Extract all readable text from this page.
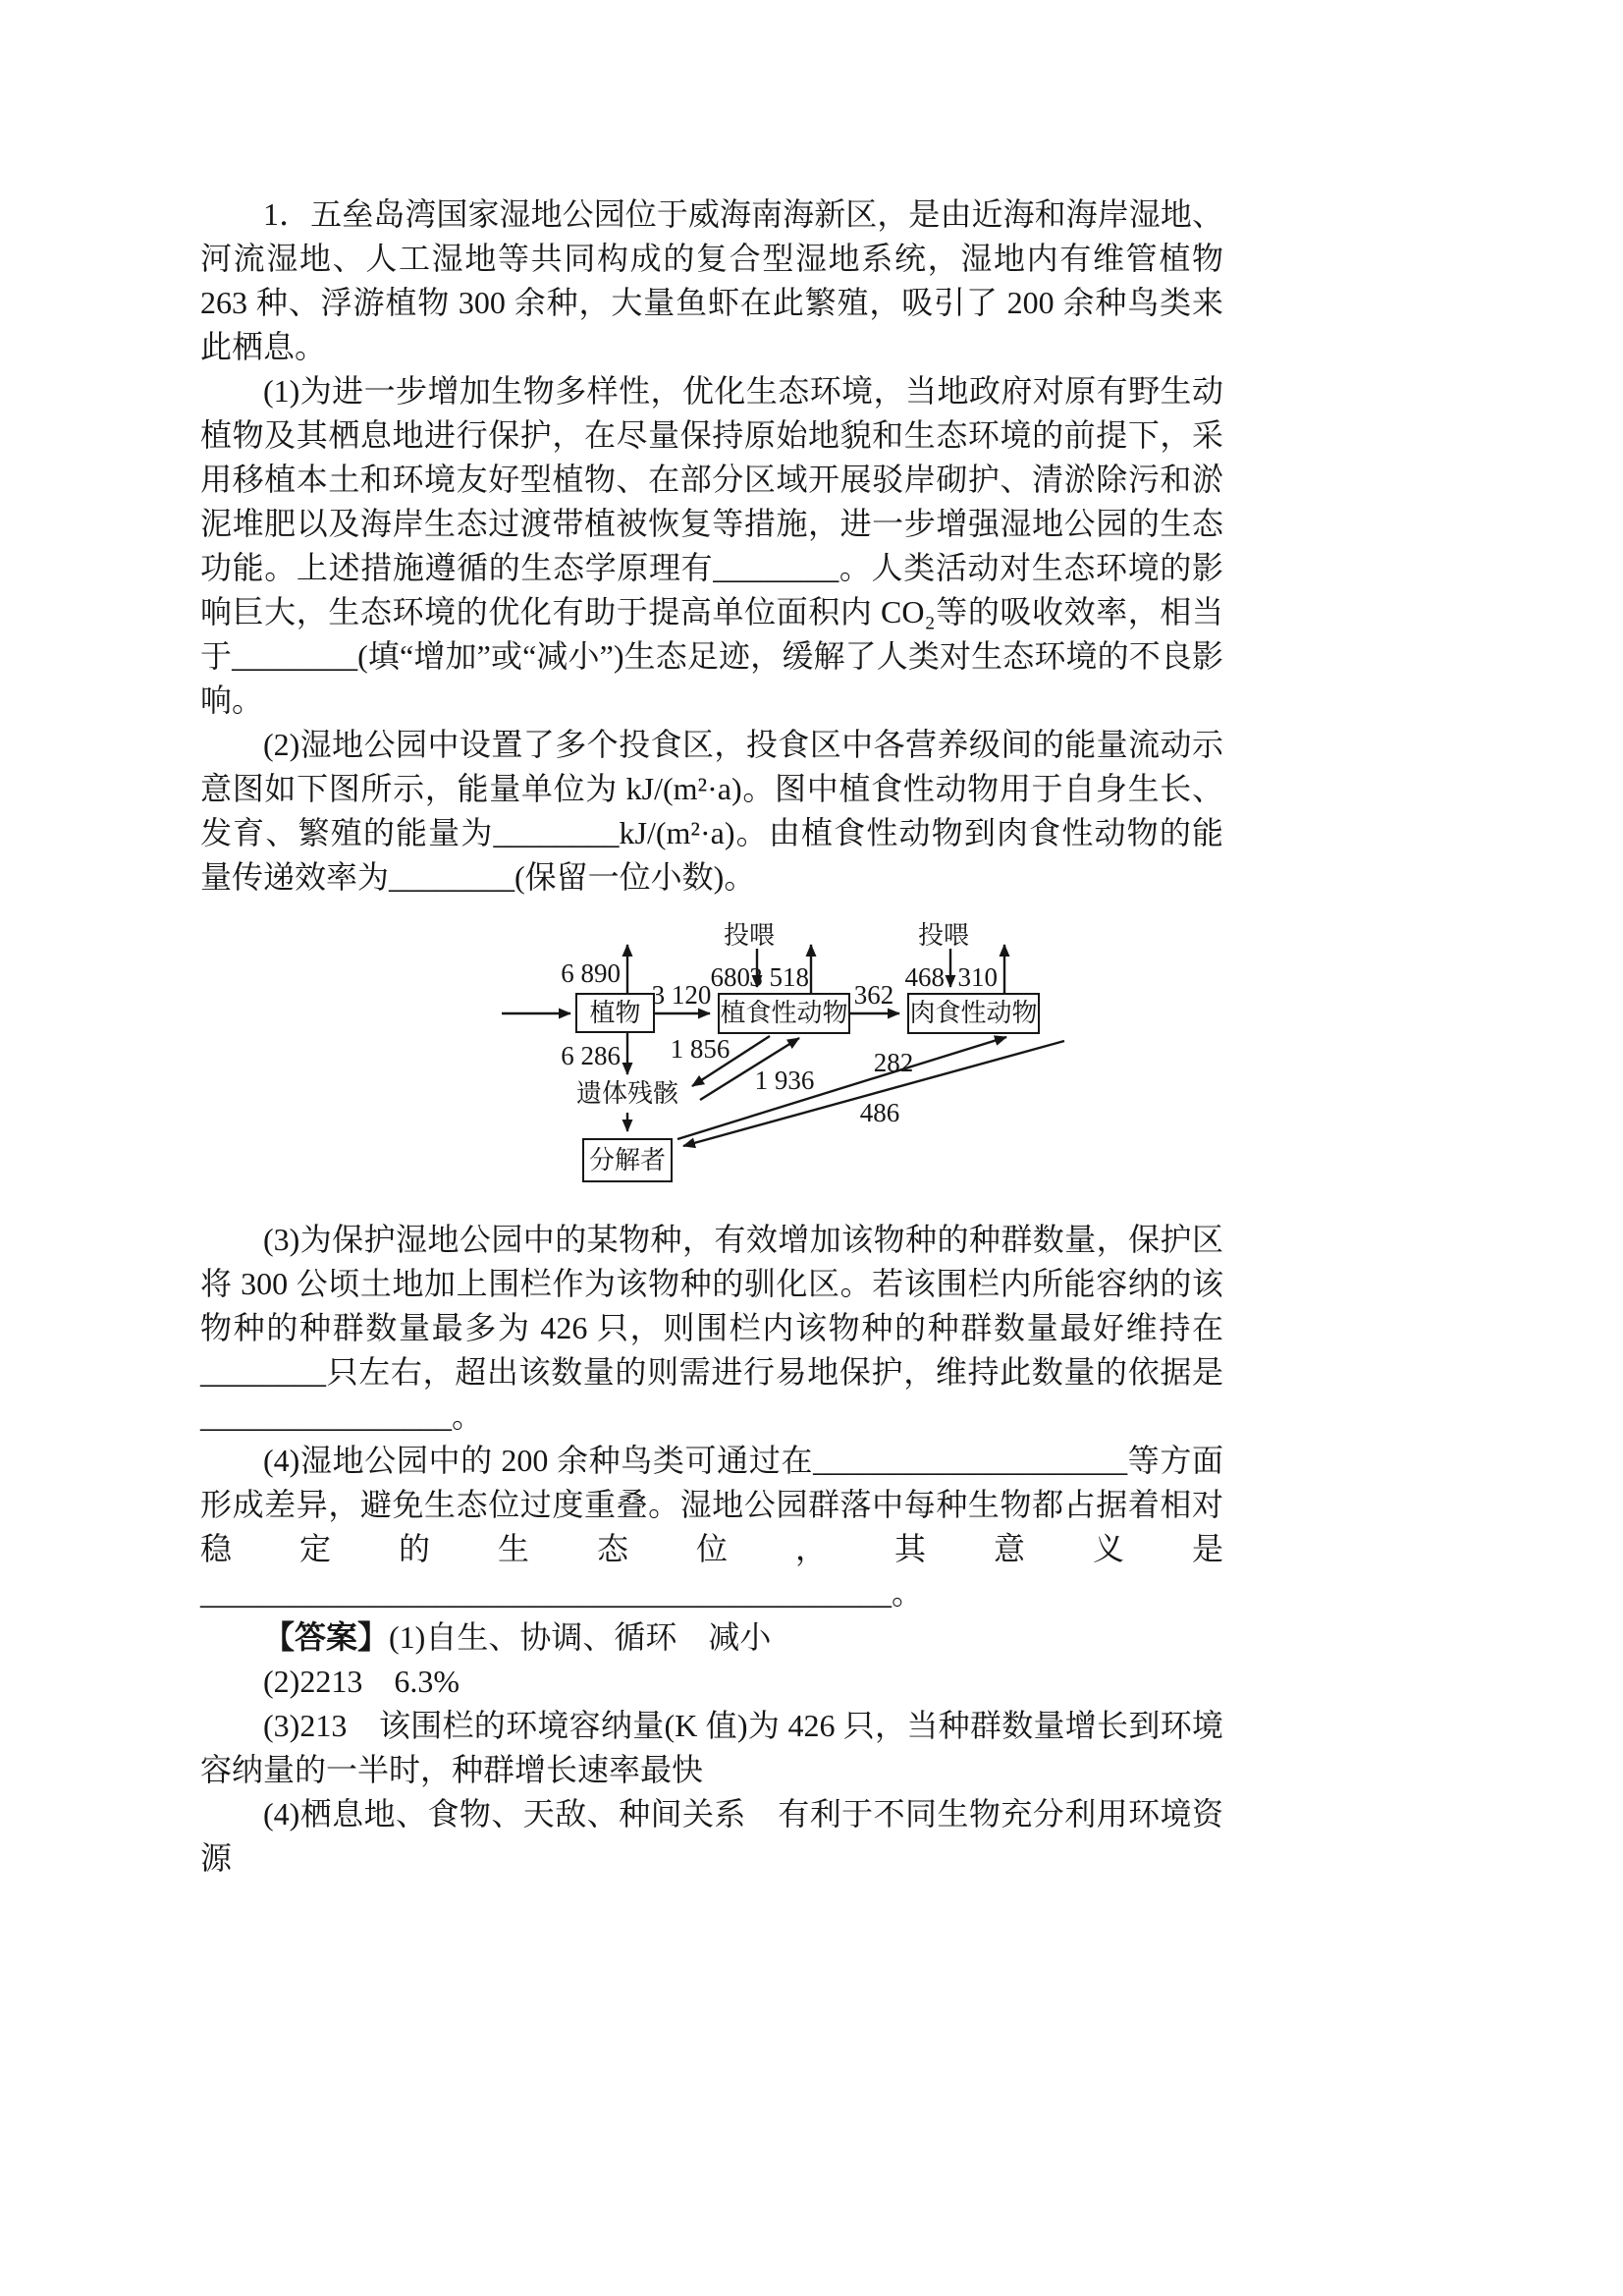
1．五垒岛湾国家湿地公园位于威海南海新区，是由近海和海岸湿地、河流湿地、人工湿地等共同构成的复合型湿地系统，湿地内有维管植物 263 种、浮游植物 300 余种，大量鱼虾在此繁殖，吸引了 200 余种鸟类来此栖息。

(1)为进一步增加生物多样性，优化生态环境，当地政府对原有野生动植物及其栖息地进行保护，在尽量保持原始地貌和生态环境的前提下，采用移植本土和环境友好型植物、在部分区域开展驳岸砌护、清淤除污和淤泥堆肥以及海岸生态过渡带植被恢复等措施，进一步增强湿地公园的生态功能。上述措施遵循的生态学原理有________。人类活动对生态环境的影响巨大，生态环境的优化有助于提高单位面积内 CO₂等的吸收效率，相当于________(填“增加”或“减小”)生态足迹，缓解了人类对生态环境的不良影响。

(2)湿地公园中设置了多个投食区，投食区中各营养级间的能量流动示意图如下图所示，能量单位为 kJ/(m²·a)。图中植食性动物用于自身生长、发育、繁殖的能量为________kJ/(m²·a)。由植食性动物到肉食性动物的能量传递效率为________(保留一位小数)。

植物	植食性动物 肉食性动物
分解者
遗体残骸
投喂	投喂
6 890
6 286
3 120
680 3 518
362
468 310
1 856
1 936
282
486

(3)为保护湿地公园中的某物种，有效增加该物种的种群数量，保护区将 300 公顷土地加上围栏作为该物种的驯化区。若该围栏内所能容纳的该物种的种群数量最多为 426 只，则围栏内该物种的种群数量最好维持在________只左右，超出该数量的则需进行易地保护，维持此数量的依据是________________。

(4)湿地公园中的 200 余种鸟类可通过在____________________等方面形成差异，避免生态位过度重叠。湿地公园群落中每种生物都占据着相对稳定的生态位，其意义是____________________________________________。

【答案】(1)自生、协调、循环　减小

(2)2213　6.3%

(3)213　该围栏的环境容纳量(K 值)为 426 只，当种群数量增长到环境容纳量的一半时，种群增长速率最快

(4)栖息地、食物、天敌、种间关系　有利于不同生物充分利用环境资源
